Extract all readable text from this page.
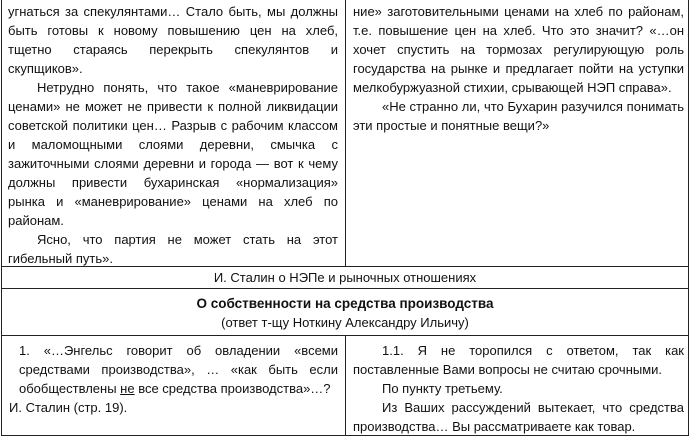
угнаться за спекулянтами… Стало быть, мы должны быть готовы к новому повышению цен на хлеб, тщетно стараясь перекрыть спекулянтов и скупщиков».

Нетрудно понять, что такое «маневрирование ценами» не может не привести к полной ликвидации советской политики цен… Разрыв с рабочим классом и маломощными слоями деревни, смычка с зажиточными слоями деревни и города — вот к чему должны привести бухаринская «нормализация» рынка и «маневрирование» ценами на хлеб по районам.

Ясно, что партия не может стать на этот гибельный путь».

ние» заготовительными ценами на хлеб по районам, т.е. повышение цен на хлеб. Что это значит? «…он хочет спустить на тормозах регулирующую роль государства на рынке и предлагает пойти на уступки мелкобуржуазной стихии, срывающей НЭП справа».

«Не странно ли, что Бухарин разучился понимать эти простые и понятные вещи?»

И. Сталин о НЭПе и рыночных отношениях

О собственности на средства производства

(ответ т-щу Ноткину Александру Ильичу)

1. «…Энгельс говорит об овладении «всеми средствами производства», … «как быть если обобществлены не все средства производства»…?

И. Сталин (стр. 19).

1.1. Я не торопился с ответом, так как поставленные Вами вопросы не считаю срочными.

По пункту третьему.

Из Ваших рассуждений вытекает, что средства производства… Вы рассматриваете как товар.
